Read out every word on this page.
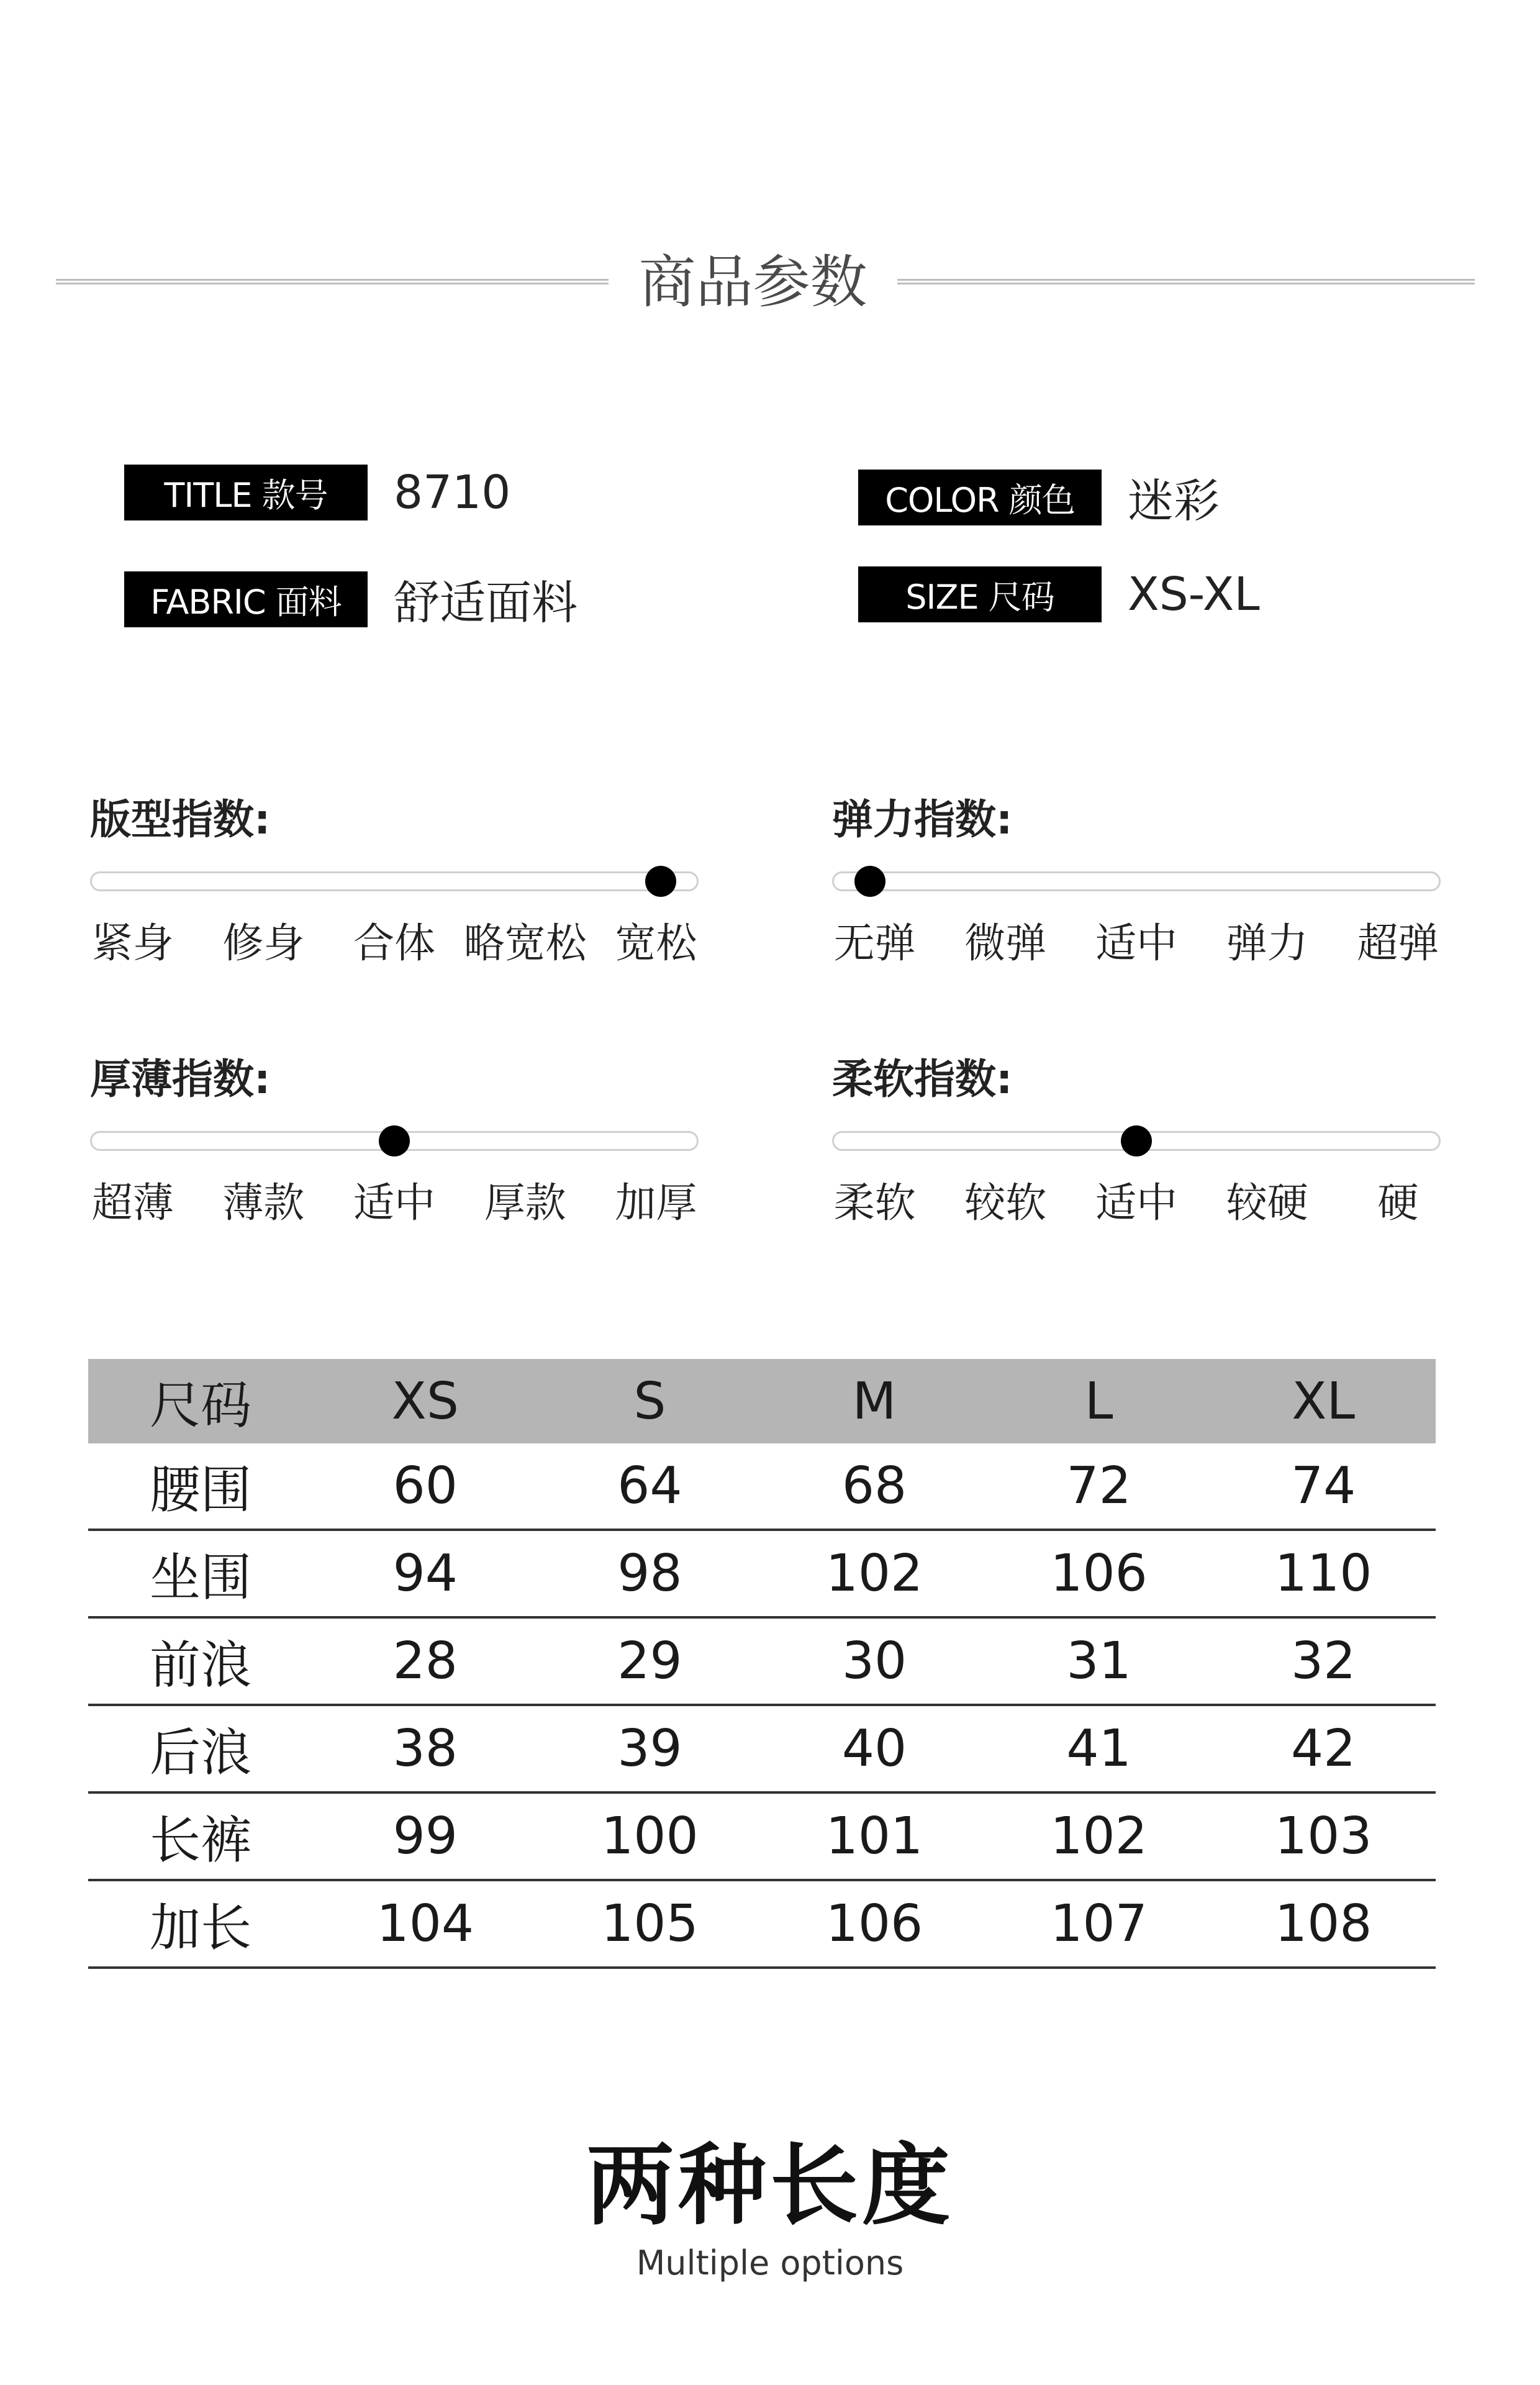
商品参数
TITLE 款号	8710	COLOR 颜色	迷彩
FABRIC 面料	舒适面料	SIZE 尺码	XS-XL
版型指数:
紧身 修身 合体 略宽松 宽松
弹力指数:
无弹 微弹 适中 弹力 超弹
厚薄指数:
超薄 薄款 适中 厚款 加厚
柔软指数:
柔软 较软 适中 较硬 硬
尺码	XS	S	M	L	XL
腰围	60	64	68	72	74
坐围	94	98	102	106	110
前浪	28	29	30	31	32
后浪	38	39	40	41	42
长裤	99	100	101	102	103
加长	104	105	106	107	108
两种长度
Multiple options
